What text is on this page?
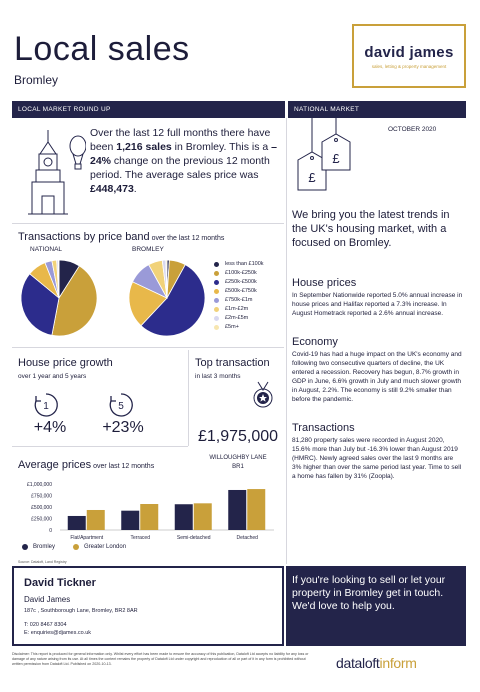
Local sales
Bromley
david james
sales, letting & property management
LOCAL MARKET ROUND UP	NATIONAL MARKET
Over the last 12 full months there have been 1,216 sales in Bromley. This is a –24% change on the previous 12 month period. The average sales price was £448,473.
Transactions by price band over the last 12 months
NATIONAL	BROMLEY
less than £100k
£100k-£250k
£250k-£500k
£500k-£750k
£750k-£1m
£1m-£2m
£2m-£5m
£5m+
House price growth
over 1 year and 5 years
1	5
+4% +23%
Top transaction
in last 3 months
£1,975,000
WILLOUGHBY LANE
BR1
Average prices over last 12 months
£1,000,000
£750,000
£500,000
£250,000
0
Flat/Apartment	Terraced	Semi-detached	Detached
Bromley	Greater London
Source: Dataloft, Land Registry
OCTOBER 2020
£
£
We bring you the latest trends in the UK's housing market, with a focused on Bromley.
House prices
In September Nationwide reported 5.0% annual increase in house prices and Halifax reported a 7.3% increase. In August Hometrack reported a 2.6% annual increase.
Economy
Covid-19 has had a huge impact on the UK's economy and following two consecutive quarters of decline, the UK entered a recession. Recovery has begun, 8.7% growth in GDP in June, 6.6% growth in July and much slower growth in August, 2.2%. The economy is still 9.2% smaller than before the pandemic.
Transactions
81,280 property sales were recorded in August 2020, 15.6% more than July but -16.3% lower than August 2019 (HMRC). Newly agreed sales over the last 9 months are 3% higher than over the same period last year. Time to sell a home has fallen by 31% (Zoopla).
David Tickner
David James
187c , Southborough Lane, Bromley, BR2 8AR
T: 020 8467 8304
E: enquiries@djames.co.uk
If you're looking to sell or let your property in Bromley get in touch. We'd love to help you.
Disclaimer: This report is produced for general information only. Whilst every effort has been made to ensure the accuracy of this publication, Dataloft Ltd accepts no liability for any loss or damage of any nature arising from its use. At all times the content remains the property of Dataloft Ltd under copyright and reproduction of all or part of it in any form is prohibited without written permission from Dataloft Ltd. Published on 2020-10-13.	dataloftinform
